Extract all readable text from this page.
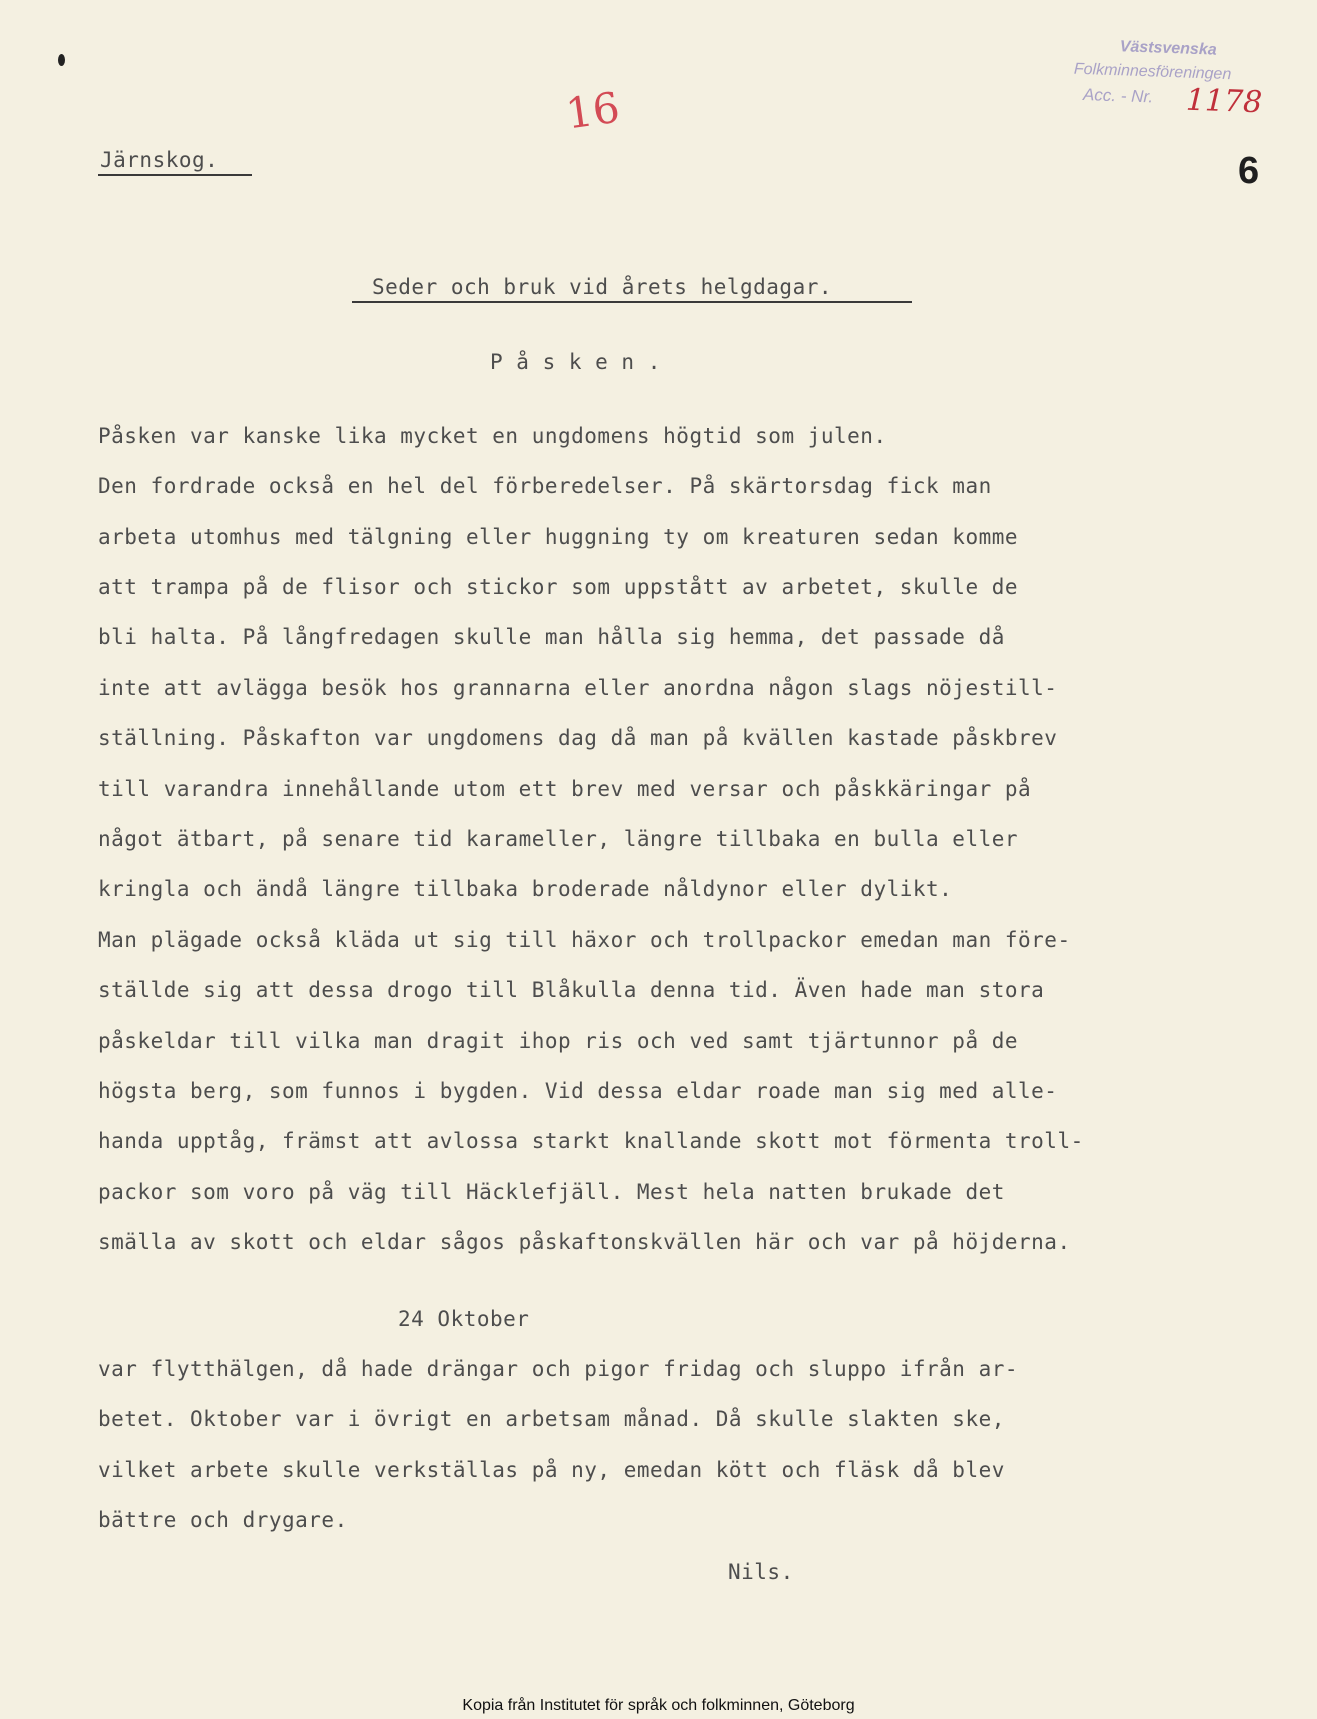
Västsvenska
Folkminnesföreningen
Acc. - Nr. 1178
16
6
Järnskog.
Seder och bruk vid årets helgdagar.
P å s k e n .
Påsken var kanske lika mycket en ungdomens högtid som julen.
Den fordrade också en hel del förberedelser. På skärtorsdag fick man
arbeta utomhus med tälgning eller huggning ty om kreaturen sedan komme
att trampa på de flisor och stickor som uppstått av arbetet, skulle de
bli halta. På långfredagen skulle man hålla sig hemma, det passade då
inte att avlägga besök hos grannarna eller anordna någon slags nöjestill-
ställning. Påskafton var ungdomens dag då man på kvällen kastade påskbrev
till varandra innehållande utom ett brev med versar och påskkäringar på
något ätbart, på senare tid karameller, längre tillbaka en bulla eller
kringla och ändå längre tillbaka broderade nåldynor eller dylikt.
Man plägade också kläda ut sig till häxor och trollpackor emedan man före-
ställde sig att dessa drogo till Blåkulla denna tid. Även hade man stora
påskeldar till vilka man dragit ihop ris och ved samt tjärtunnor på de
högsta berg, som funnos i bygden. Vid dessa eldar roade man sig med alle-
handa upptåg, främst att avlossa starkt knallande skott mot förmenta troll-
packor som voro på väg till Häcklefjäll. Mest hela natten brukade det
smälla av skott och eldar sågos påskaftonskvällen här och var på höjderna.
24 Oktober
var flytthälgen, då hade drängar och pigor fridag och sluppo ifrån ar-
betet. Oktober var i övrigt en arbetsam månad. Då skulle slakten ske,
vilket arbete skulle verkställas på ny, emedan kött och fläsk då blev
bättre och drygare.
Nils.
Kopia från Institutet för språk och folkminnen, Göteborg
